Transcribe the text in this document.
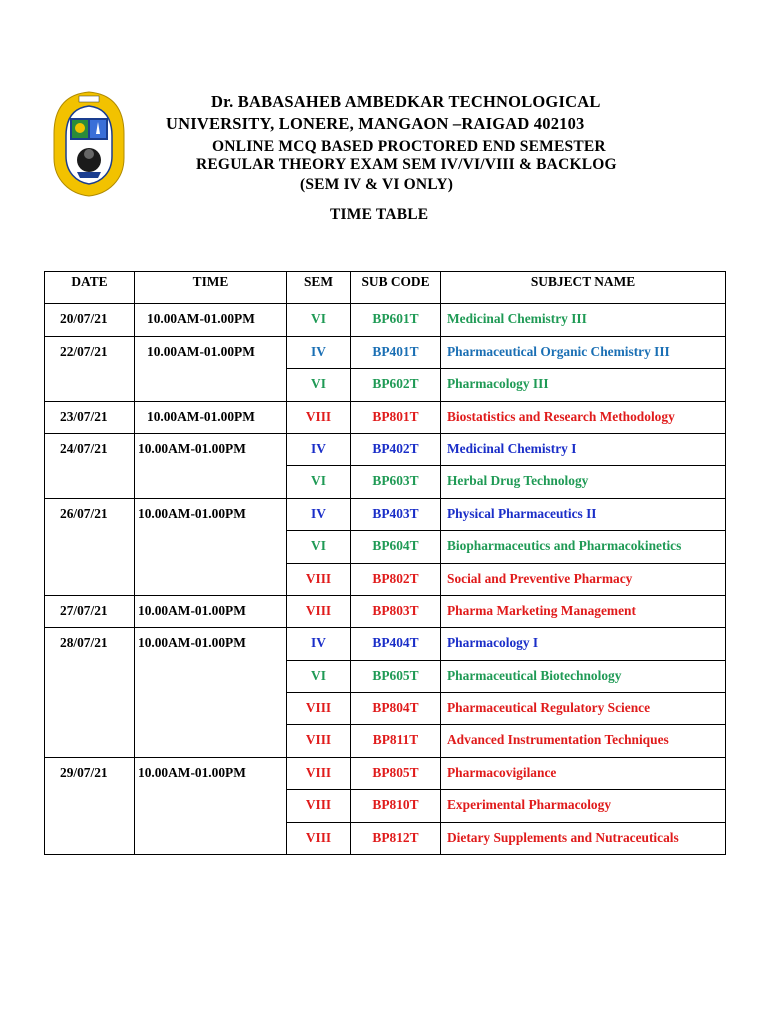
Dr. BABASAHEB AMBEDKAR TECHNOLOGICAL
UNIVERSITY, LONERE, MANGAON –RAIGAD 402103
ONLINE MCQ BASED PROCTORED END SEMESTER
REGULAR THEORY EXAM SEM IV/VI/VIII & BACKLOG
(SEM IV & VI ONLY)
TIME TABLE
DATE	TIME	SEM	SUB CODE	SUBJECT NAME
20/07/21	10.00AM-01.00PM	VI	BP601T	Medicinal Chemistry III
22/07/21	10.00AM-01.00PM	IV	BP401T	Pharmaceutical Organic Chemistry III
		VI	BP602T	Pharmacology III
23/07/21	10.00AM-01.00PM	VIII	BP801T	Biostatistics and Research Methodology
24/07/21	10.00AM-01.00PM	IV	BP402T	Medicinal Chemistry I
		VI	BP603T	Herbal Drug Technology
26/07/21	10.00AM-01.00PM	IV	BP403T	Physical Pharmaceutics II
		VI	BP604T	Biopharmaceutics and Pharmacokinetics
		VIII	BP802T	Social and Preventive Pharmacy
27/07/21	10.00AM-01.00PM	VIII	BP803T	Pharma Marketing Management
28/07/21	10.00AM-01.00PM	IV	BP404T	Pharmacology I
		VI	BP605T	Pharmaceutical Biotechnology
		VIII	BP804T	Pharmaceutical Regulatory Science
		VIII	BP811T	Advanced Instrumentation Techniques
29/07/21	10.00AM-01.00PM	VIII	BP805T	Pharmacovigilance
		VIII	BP810T	Experimental Pharmacology
		VIII	BP812T	Dietary Supplements and Nutraceuticals
